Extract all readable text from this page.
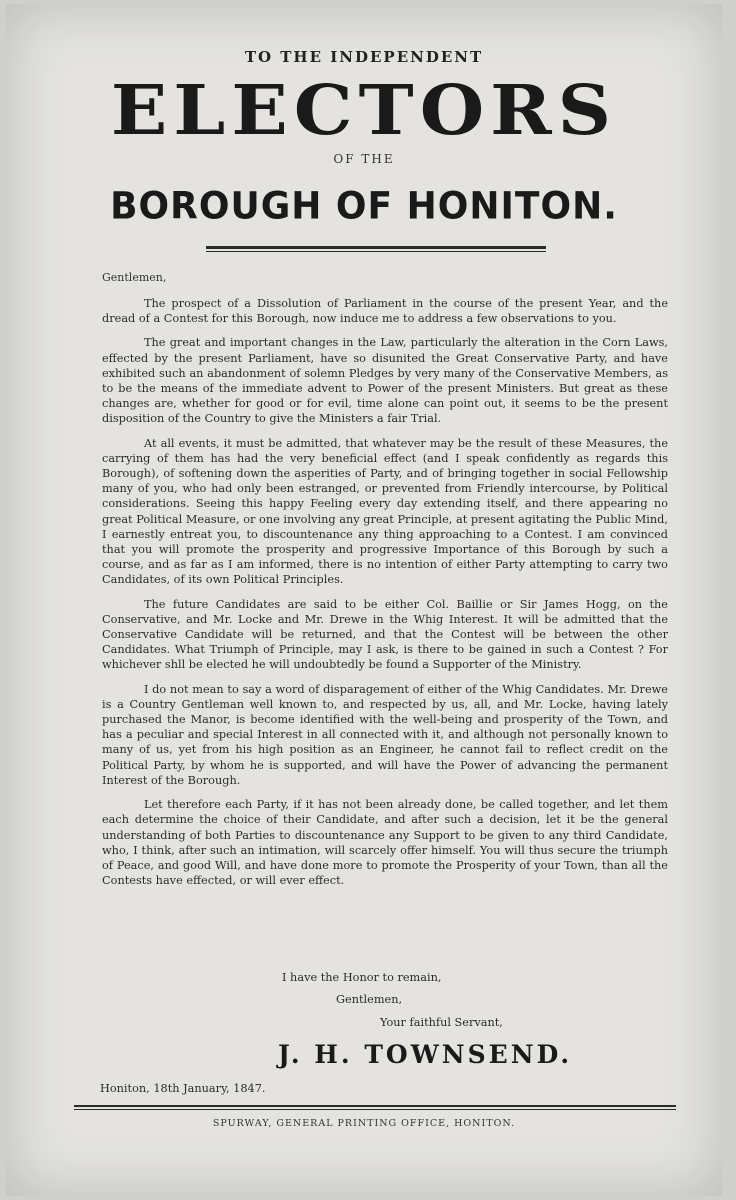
TO THE INDEPENDENT
ELECTORS
OF THE
BOROUGH OF HONITON.
Gentlemen,

The prospect of a Dissolution of Parliament in the course of the present Year, and the dread of a Contest for this Borough, now induce me to address a few observations to you.

The great and important changes in the Law, particularly the alteration in the Corn Laws, effected by the present Parliament, have so disunited the Great Conservative Party, and have exhibited such an abandonment of solemn Pledges by very many of the Conservative Members, as to be the means of the immediate advent to Power of the present Ministers. But great as these changes are, whether for good or for evil, time alone can point out, it seems to be the present disposition of the Country to give the Ministers a fair Trial.

At all events, it must be admitted, that whatever may be the result of these Measures, the carrying of them has had the very beneficial effect (and I speak confidently as regards this Borough), of softening down the asperities of Party, and of bringing together in social Fellowship many of you, who had only been estranged, or prevented from Friendly intercourse, by Political considerations. Seeing this happy Feeling every day extending itself, and there appearing no great Political Measure, or one involving any great Principle, at present agitating the Public Mind, I earnestly entreat you, to discountenance any thing approaching to a Contest. I am convinced that you will promote the prosperity and progressive Importance of this Borough by such a course, and as far as I am informed, there is no intention of either Party attempting to carry two Candidates, of its own Political Principles.

The future Candidates are said to be either Col. Baillie or Sir James Hogg, on the Conservative, and Mr. Locke and Mr. Drewe in the Whig Interest. It will be admitted that the Conservative Candidate will be returned, and that the Contest will be between the other Candidates. What Triumph of Principle, may I ask, is there to be gained in such a Contest ? For whichever shll be elected he will undoubtedly be found a Supporter of the Ministry.

I do not mean to say a word of disparagement of either of the Whig Candidates. Mr. Drewe is a Country Gentleman well known to, and respected by us, all, and Mr. Locke, having lately purchased the Manor, is become identified with the well-being and prosperity of the Town, and has a peculiar and special Interest in all connected with it, and although not personally known to many of us, yet from his high position as an Engineer, he cannot fail to reflect credit on the Political Party, by whom he is supported, and will have the Power of advancing the permanent Interest of the Borough.

Let therefore each Party, if it has not been already done, be called together, and let them each determine the choice of their Candidate, and after such a decision, let it be the general understanding of both Parties to discountenance any Support to be given to any third Candidate, who, I think, after such an intimation, will scarcely offer himself. You will thus secure the triumph of Peace, and good Will, and have done more to promote the Prosperity of your Town, than all the Contests have effected, or will ever effect.

I have the Honor to remain,
Gentlemen,
Your faithful Servant,
J. H. TOWNSEND.
Honiton, 18th January, 1847.
SPURWAY, GENERAL PRINTING OFFICE, HONITON.
